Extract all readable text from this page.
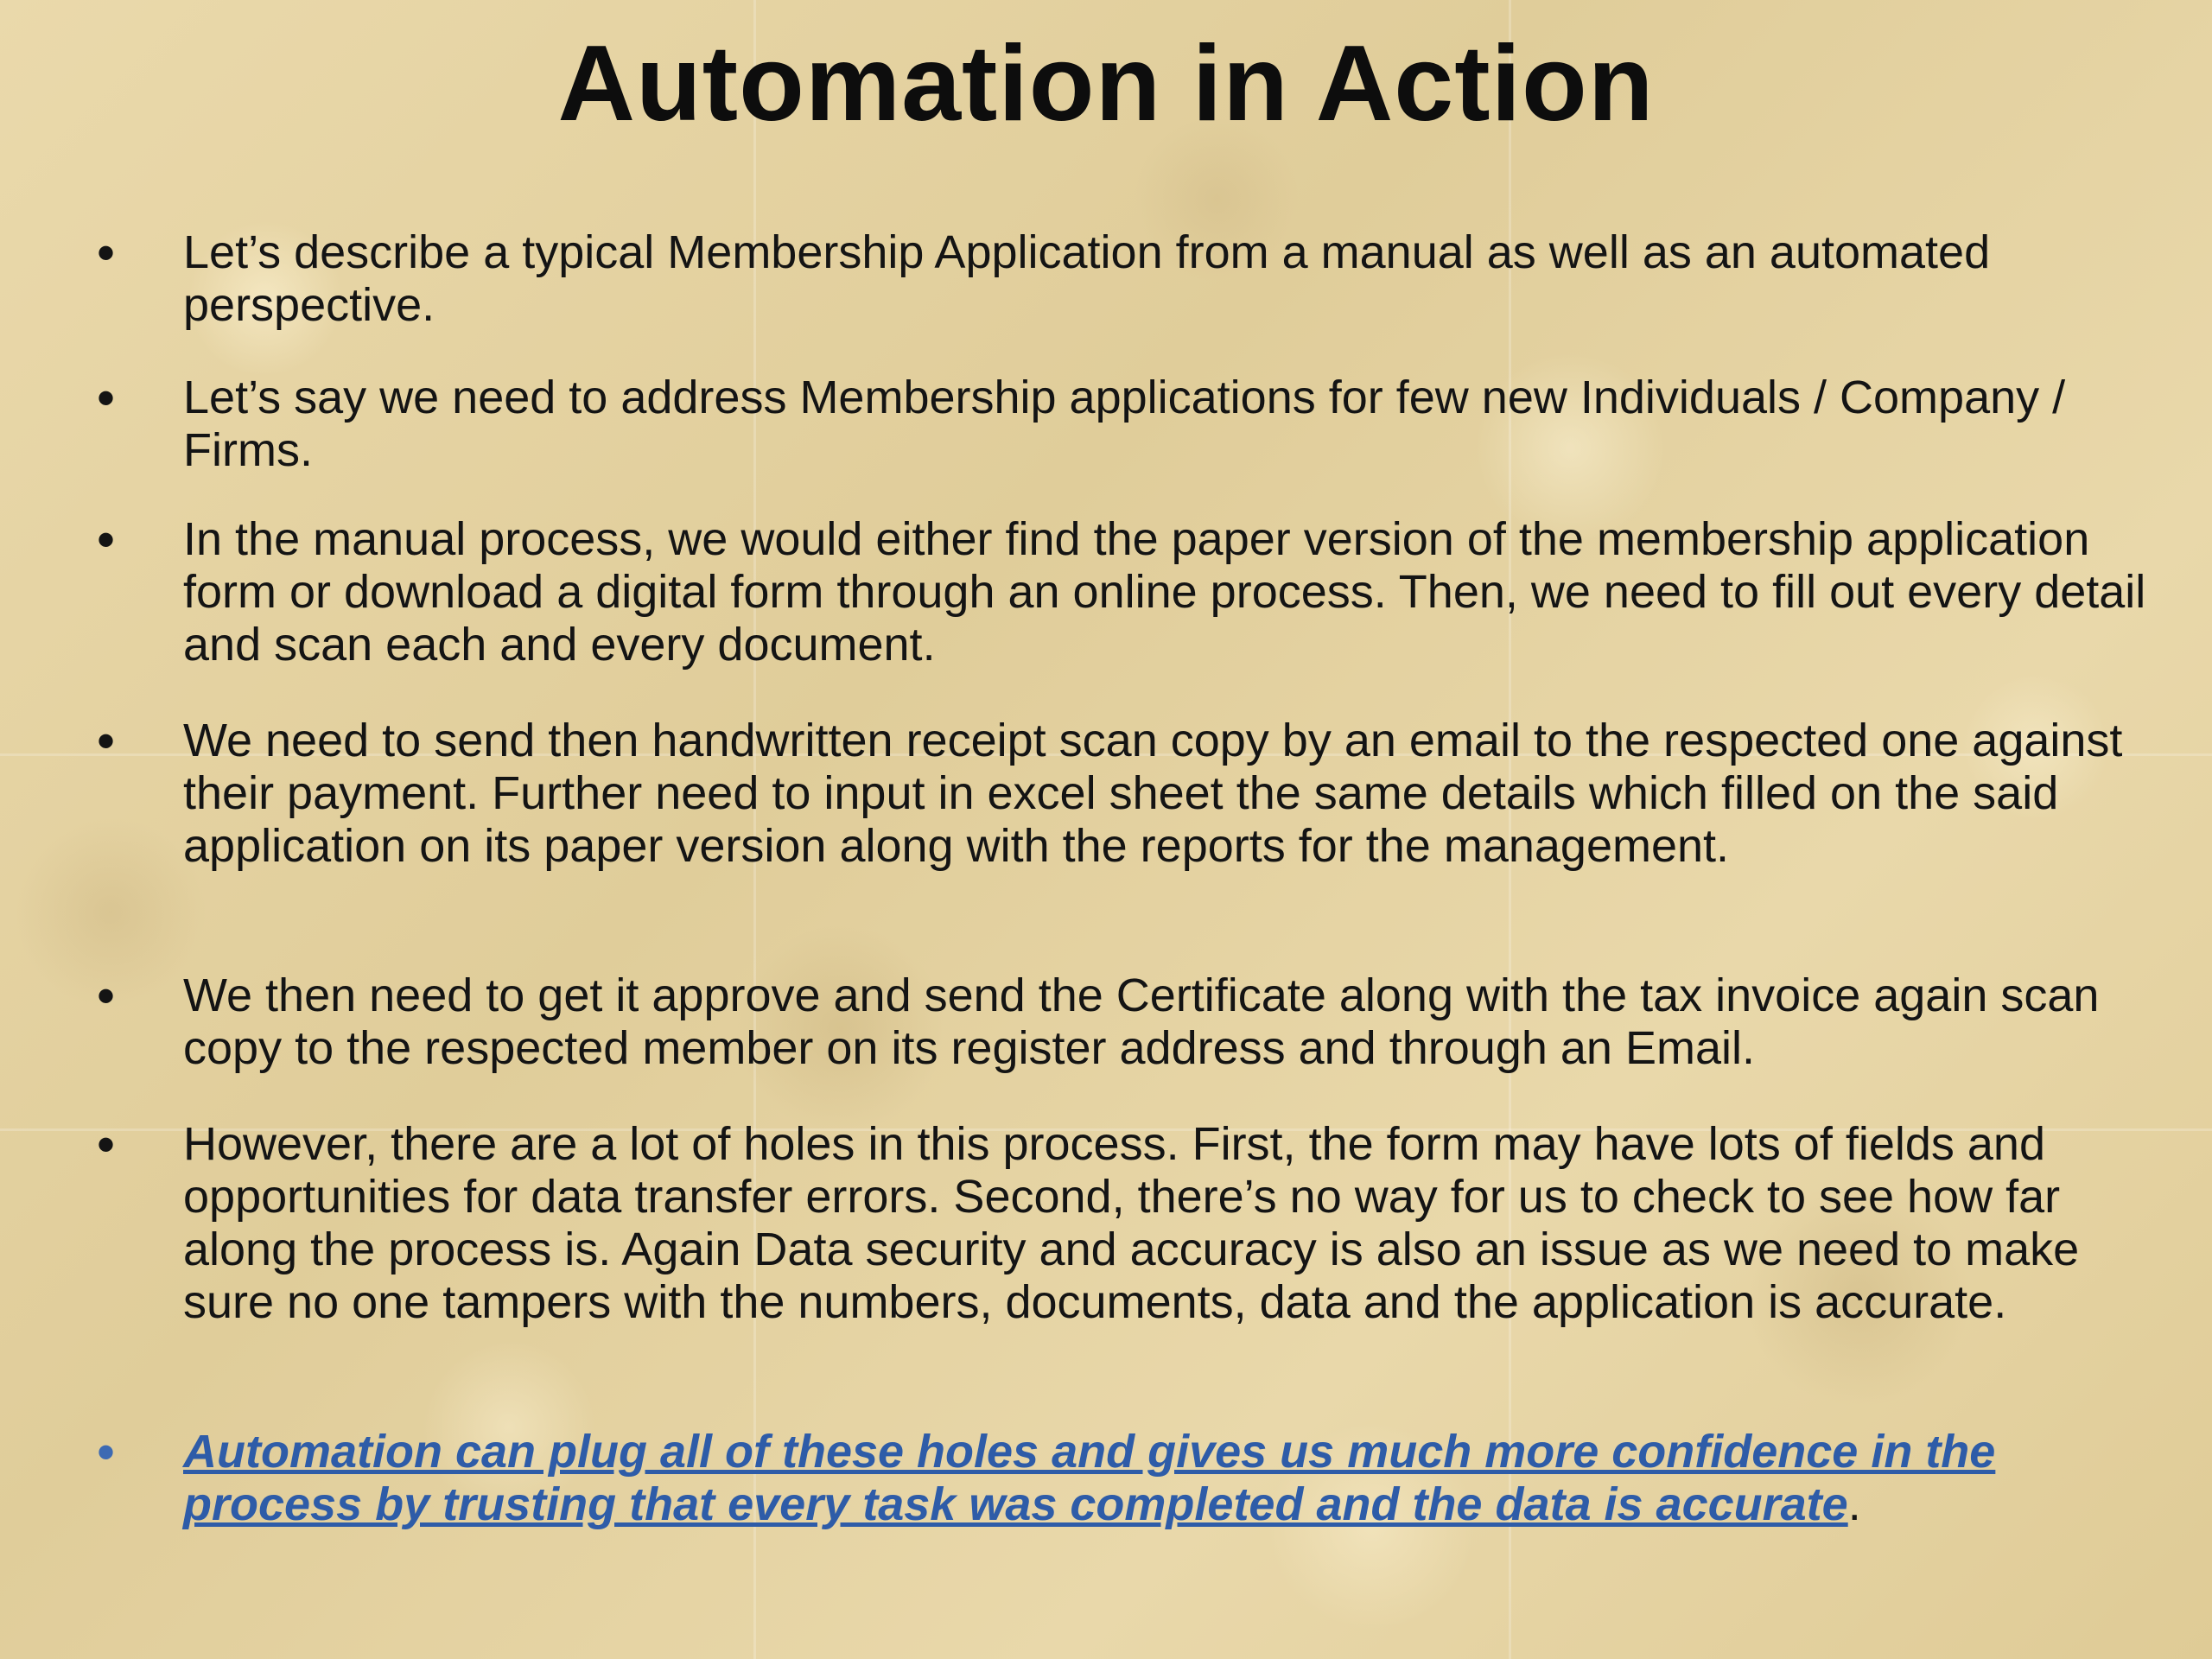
Automation in Action
• Let’s describe a typical Membership Application from a manual as well as an automated perspective.
• Let’s say we need to address Membership applications for few new Individuals / Company / Firms.
• In the manual process, we would either find the paper version of the membership application form or download a digital form through an online process. Then, we need to fill out every detail and scan each and every document.
• We need to send then handwritten receipt scan copy by an email to the respected one against their payment. Further need to input in excel sheet the same details which filled on the said application on its paper version along with the reports for the management.
• We then need to get it approve and send the Certificate along with the tax invoice again scan copy to the respected member on its register address and through an Email.
• However, there are a lot of holes in this process. First, the form may have lots of fields and opportunities for data transfer errors. Second, there’s no way for us to check to see how far along the process is. Again Data security and accuracy is also an issue as we need to make sure no one tampers with the numbers, documents, data and the application is accurate.
• Automation can plug all of these holes and gives us much more confidence in the process by trusting that every task was completed and the data is accurate.
